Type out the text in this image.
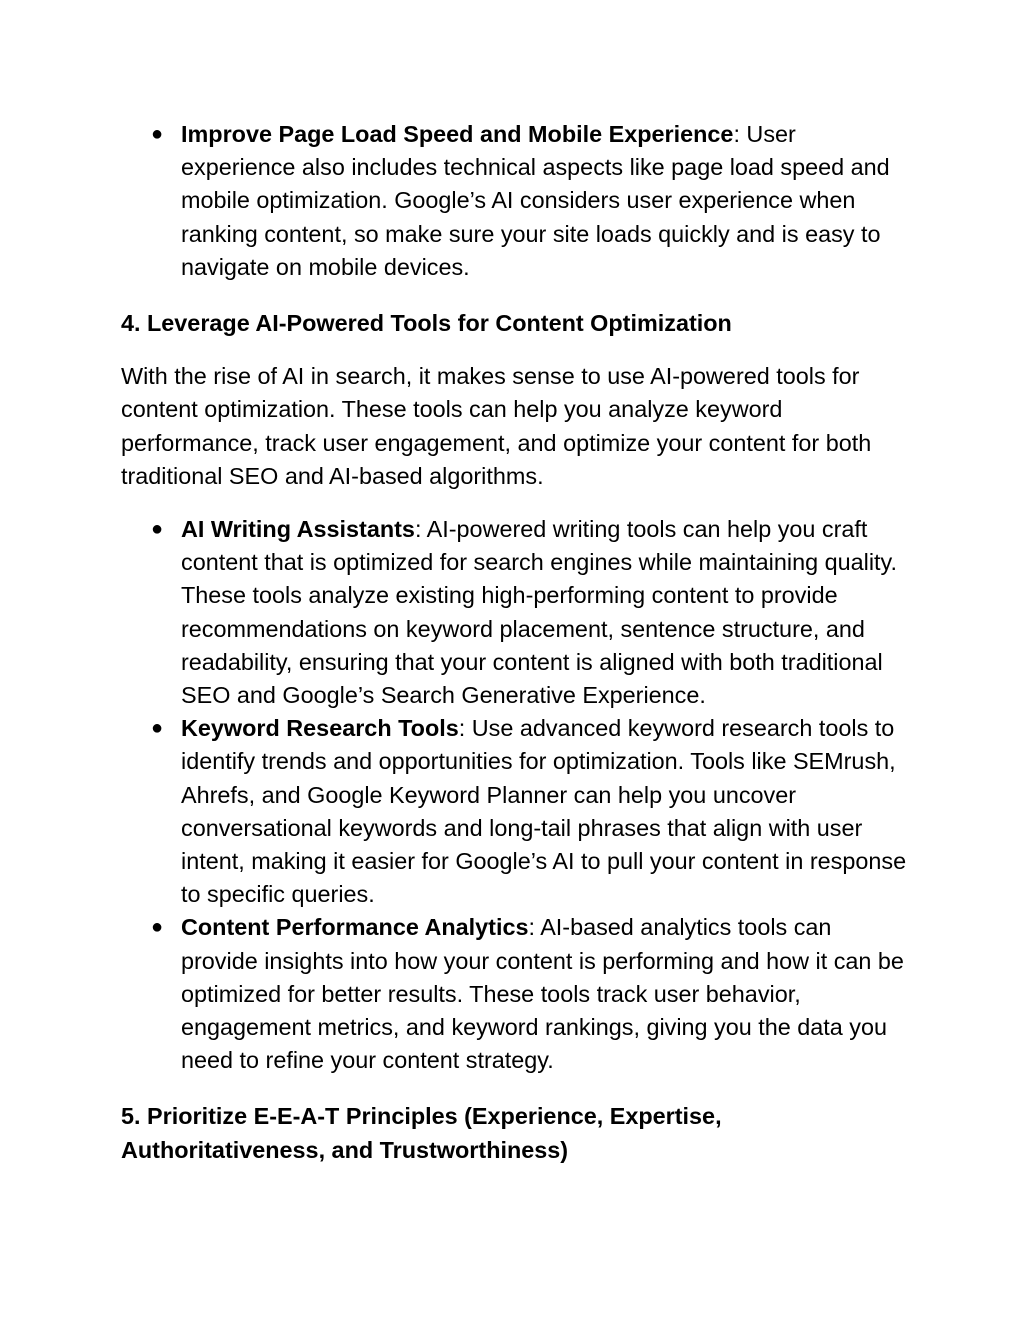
● Improve Page Load Speed and Mobile Experience: User experience also includes technical aspects like page load speed and mobile optimization. Google’s AI considers user experience when ranking content, so make sure your site loads quickly and is easy to navigate on mobile devices.

4. Leverage AI-Powered Tools for Content Optimization

With the rise of AI in search, it makes sense to use AI-powered tools for content optimization. These tools can help you analyze keyword performance, track user engagement, and optimize your content for both traditional SEO and AI-based algorithms.

● AI Writing Assistants: AI-powered writing tools can help you craft content that is optimized for search engines while maintaining quality. These tools analyze existing high-performing content to provide recommendations on keyword placement, sentence structure, and readability, ensuring that your content is aligned with both traditional SEO and Google’s Search Generative Experience.
● Keyword Research Tools: Use advanced keyword research tools to identify trends and opportunities for optimization. Tools like SEMrush, Ahrefs, and Google Keyword Planner can help you uncover conversational keywords and long-tail phrases that align with user intent, making it easier for Google’s AI to pull your content in response to specific queries.
● Content Performance Analytics: AI-based analytics tools can provide insights into how your content is performing and how it can be optimized for better results. These tools track user behavior, engagement metrics, and keyword rankings, giving you the data you need to refine your content strategy.

5. Prioritize E-E-A-T Principles (Experience, Expertise, Authoritativeness, and Trustworthiness)
